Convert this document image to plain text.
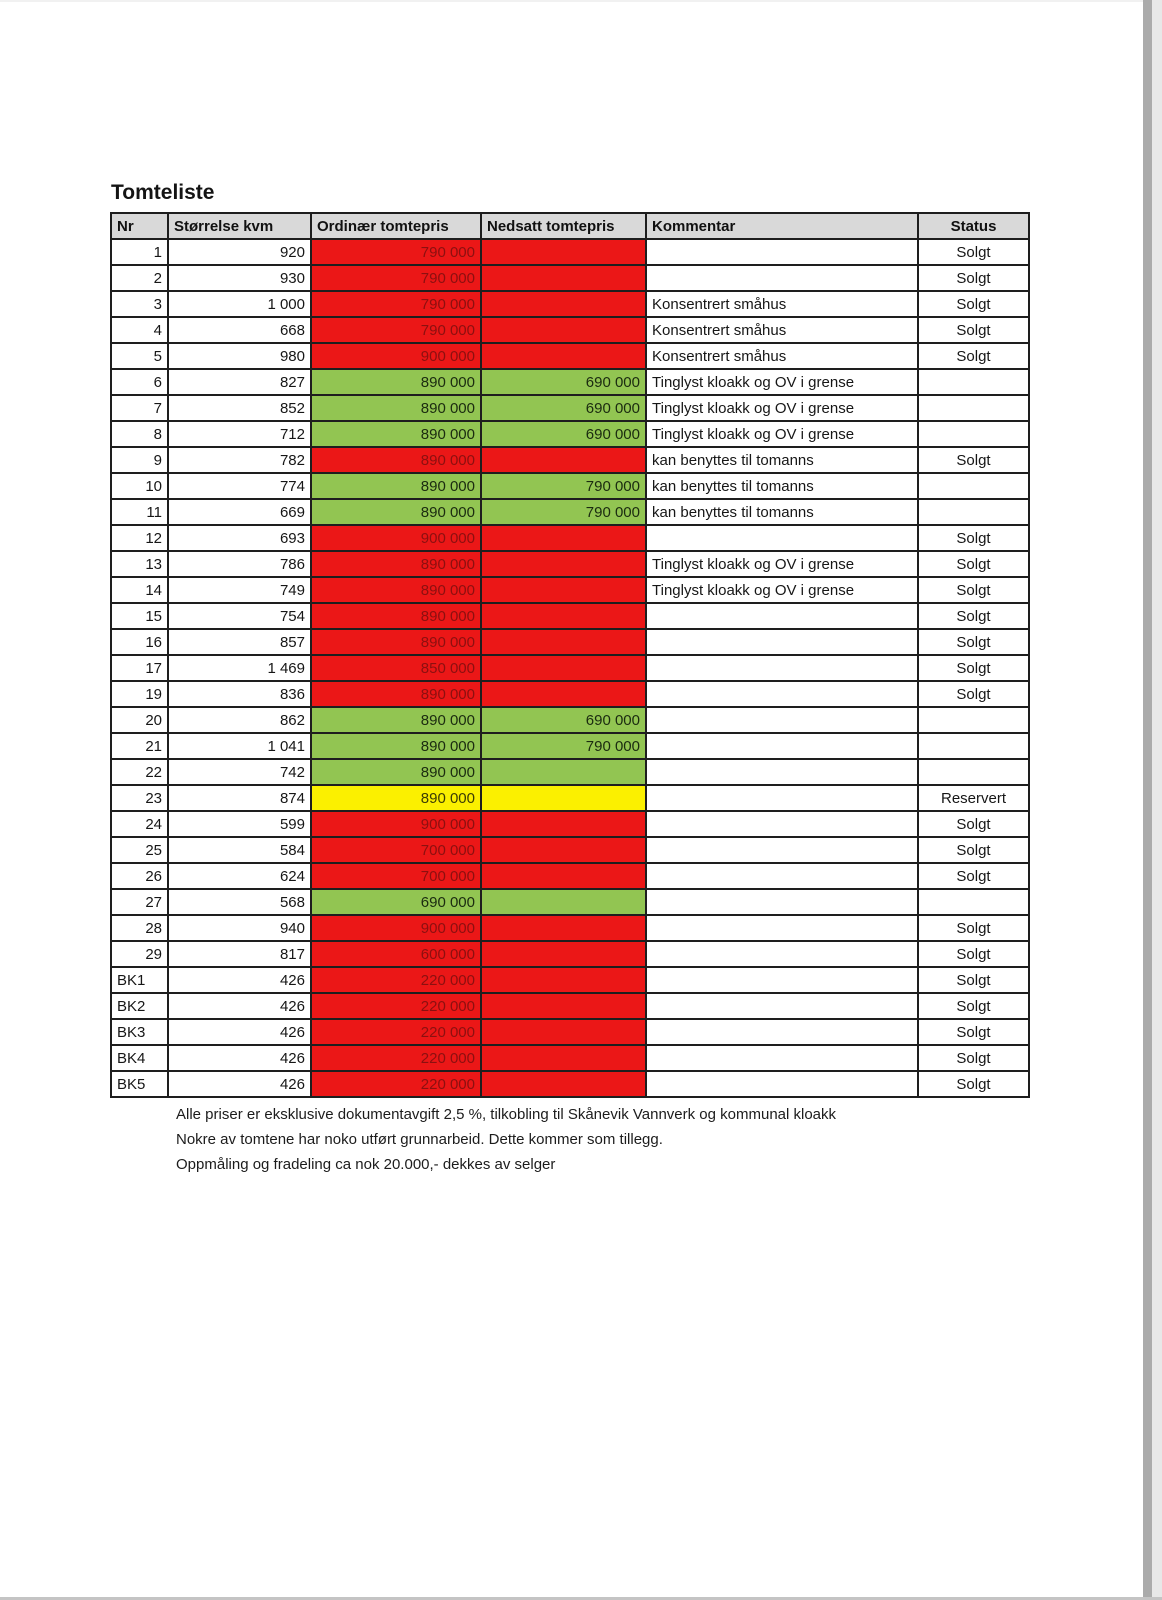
Tomteliste
Nr	Størrelse kvm	Ordinær tomtepris	Nedsatt tomtepris	Kommentar	Status
1	920	790 000			Solgt
2	930	790 000			Solgt
3	1 000	790 000		Konsentrert småhus	Solgt
4	668	790 000		Konsentrert småhus	Solgt
5	980	900 000		Konsentrert småhus	Solgt
6	827	890 000	690 000	Tinglyst kloakk og OV i grense	
7	852	890 000	690 000	Tinglyst kloakk og OV i grense	
8	712	890 000	690 000	Tinglyst kloakk og OV i grense	
9	782	890 000		kan benyttes til tomanns	Solgt
10	774	890 000	790 000	kan benyttes til tomanns	
11	669	890 000	790 000	kan benyttes til tomanns	
12	693	900 000			Solgt
13	786	890 000		Tinglyst kloakk og OV i grense	Solgt
14	749	890 000		Tinglyst kloakk og OV i grense	Solgt
15	754	890 000			Solgt
16	857	890 000			Solgt
17	1 469	850 000			Solgt
19	836	890 000			Solgt
20	862	890 000	690 000		
21	1 041	890 000	790 000		
22	742	890 000			
23	874	890 000			Reservert
24	599	900 000			Solgt
25	584	700 000			Solgt
26	624	700 000			Solgt
27	568	690 000			
28	940	900 000			Solgt
29	817	600 000			Solgt
BK1	426	220 000			Solgt
BK2	426	220 000			Solgt
BK3	426	220 000			Solgt
BK4	426	220 000			Solgt
BK5	426	220 000			Solgt

Alle priser er eksklusive dokumentavgift 2,5 %, tilkobling til Skånevik Vannverk og kommunal kloakk

Nokre av tomtene har noko utført grunnarbeid. Dette kommer som tillegg.

Oppmåling og fradeling ca nok 20.000,- dekkes av selger
